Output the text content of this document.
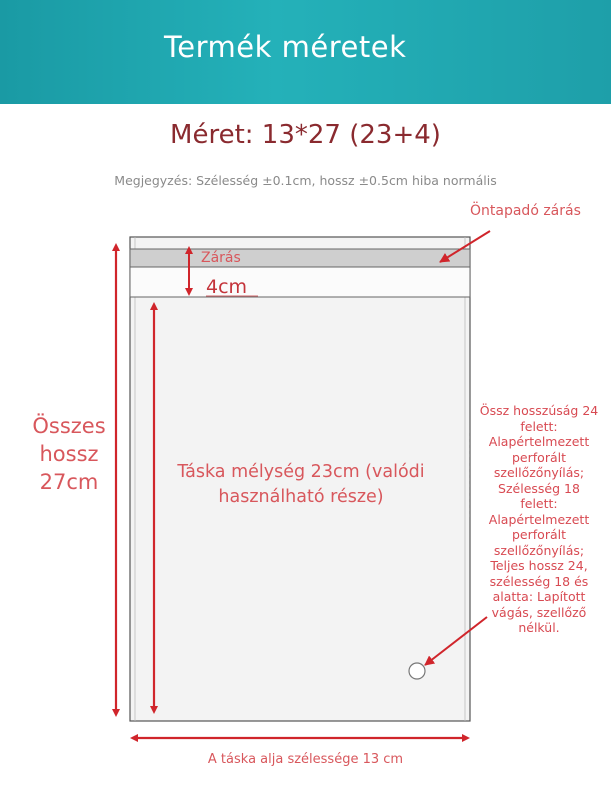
Termék méretek
Méret: 13*27 (23+4)
Megjegyzés: Szélesség ±0.1cm, hossz ±0.5cm hiba normális
Öntapadó zárás
Zárás
4cm
Összes hossz 27cm	Táska mélység 23cm (valódi használható része)
Össz hosszúság 24 felett: Alapértelmezett perforált szellőzőnyílás; Szélesség 18 felett: Alapértelmezett perforált szellőzőnyílás; Teljes hossz 24, szélesség 18 és alatta: Lapított vágás, szellőző nélkül.
A táska alja szélessége 13 cm
